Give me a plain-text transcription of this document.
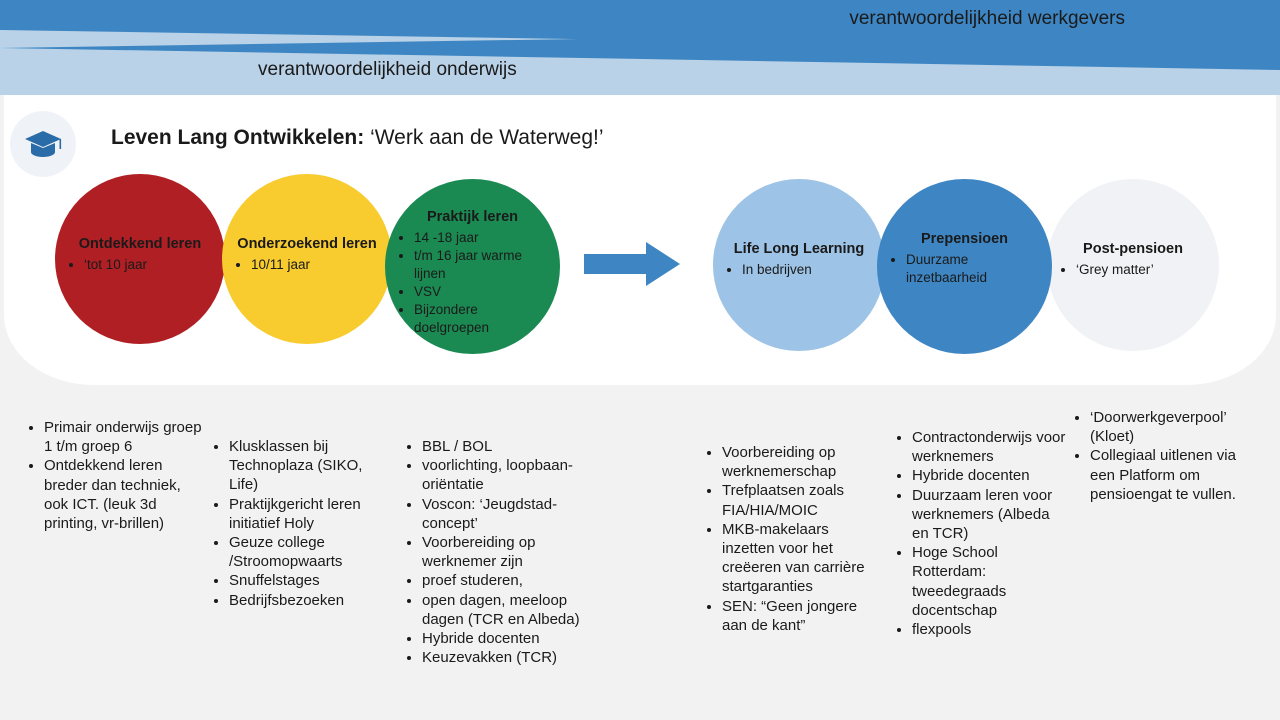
verantwoordelijkheid werkgevers
verantwoordelijkheid onderwijs
Leven Lang Ontwikkelen: ‘Werk aan de Waterweg!’
Ontdekkend leren
• ‘tot 10 jaar
Onderzoekend leren
• 10/11 jaar
Praktijk leren
• 14 -18 jaar
• t/m 16 jaar warme lijnen
• VSV
• Bijzondere doelgroepen
Life Long Learning
• In bedrijven
Prepensioen
• Duurzame inzetbaarheid
Post-pensioen
• ‘Grey matter’
• Primair onderwijs groep 1 t/m groep 6
• Ontdekkend leren breder dan techniek, ook ICT. (leuk 3d printing, vr-brillen)
• Klusklassen bij Technoplaza (SIKO, Life)
• Praktijkgericht leren initiatief Holy
• Geuze college /Stroomopwaarts
• Snuffelstages
• Bedrijfsbezoeken
• BBL / BOL
• voorlichting, loopbaan-oriëntatie
• Voscon: ‘Jeugdstad-concept’
• Voorbereiding op werknemer zijn
• proef studeren,
• open dagen, meeloop dagen (TCR en Albeda)
• Hybride docenten
• Keuzevakken (TCR)
• Voorbereiding op werknemerschap
• Trefplaatsen zoals FIA/HIA/MOIC
• MKB-makelaars inzetten voor het creëeren van carrière startgaranties
• SEN: “Geen jongere aan de kant”
• Contractonderwijs voor werknemers
• Hybride docenten
• Duurzaam leren voor werknemers (Albeda en TCR)
• Hoge School Rotterdam: tweedegraads docentschap
• flexpools
• ‘Doorwerkgeverpool’ (Kloet)
• Collegiaal uitlenen via een Platform om pensioengat te vullen.
